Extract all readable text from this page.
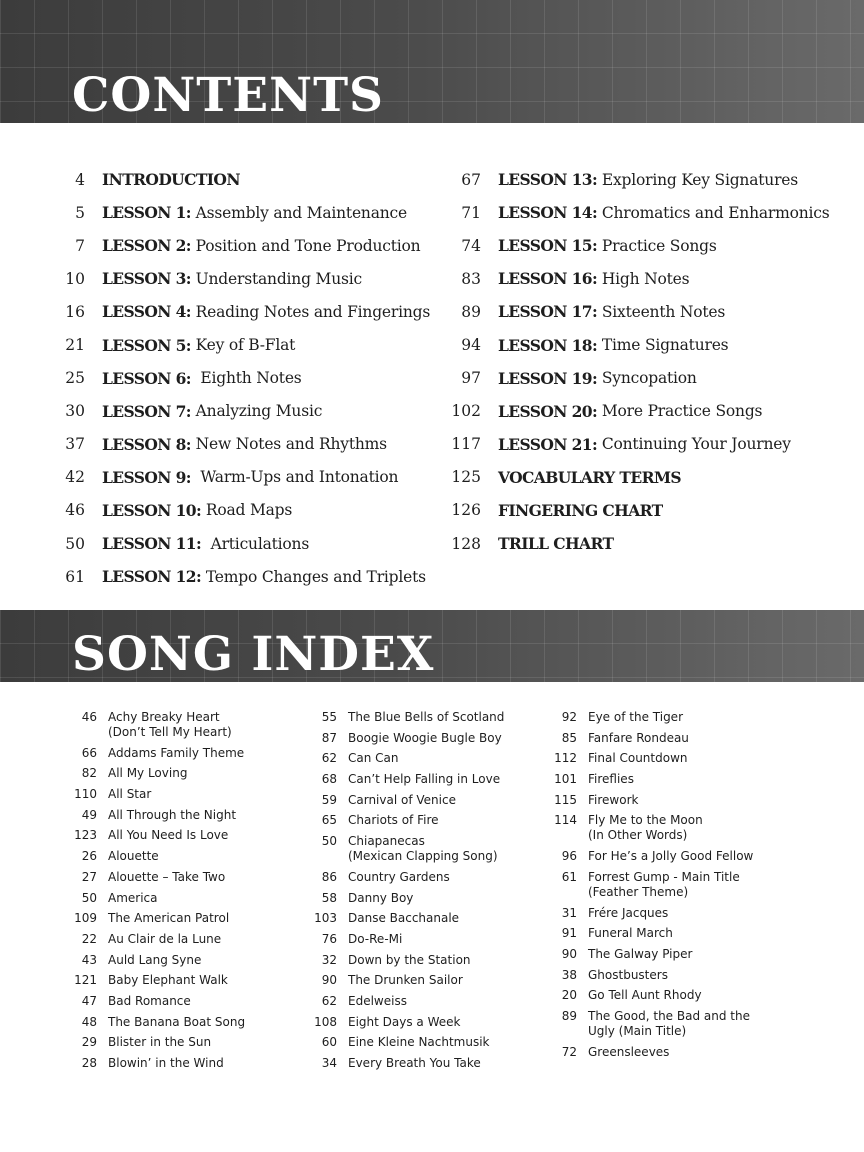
CONTENTS
4 INTRODUCTION
5 LESSON 1: Assembly and Maintenance
7 LESSON 2: Position and Tone Production
10 LESSON 3: Understanding Music
16 LESSON 4: Reading Notes and Fingerings
21 LESSON 5: Key of B-Flat
25 LESSON 6: Eighth Notes
30 LESSON 7: Analyzing Music
37 LESSON 8: New Notes and Rhythms
42 LESSON 9: Warm-Ups and Intonation
46 LESSON 10: Road Maps
50 LESSON 11: Articulations
61 LESSON 12: Tempo Changes and Triplets
67 LESSON 13: Exploring Key Signatures
71 LESSON 14: Chromatics and Enharmonics
74 LESSON 15: Practice Songs
83 LESSON 16: High Notes
89 LESSON 17: Sixteenth Notes
94 LESSON 18: Time Signatures
97 LESSON 19: Syncopation
102 LESSON 20: More Practice Songs
117 LESSON 21: Continuing Your Journey
125 VOCABULARY TERMS
126 FINGERING CHART
128 TRILL CHART
SONG INDEX
46 Achy Breaky Heart
(Don’t Tell My Heart)
66 Addams Family Theme
82 All My Loving
110 All Star
49 All Through the Night
123 All You Need Is Love
26 Alouette
27 Alouette – Take Two
50 America
109 The American Patrol
22 Au Clair de la Lune
43 Auld Lang Syne
121 Baby Elephant Walk
47 Bad Romance
48 The Banana Boat Song
29 Blister in the Sun
28 Blowin’ in the Wind
55 The Blue Bells of Scotland
87 Boogie Woogie Bugle Boy
62 Can Can
68 Can’t Help Falling in Love
59 Carnival of Venice
65 Chariots of Fire
50 Chiapanecas
(Mexican Clapping Song)
86 Country Gardens
58 Danny Boy
103 Danse Bacchanale
76 Do-Re-Mi
32 Down by the Station
90 The Drunken Sailor
62 Edelweiss
108 Eight Days a Week
60 Eine Kleine Nachtmusik
34 Every Breath You Take
92 Eye of the Tiger
85 Fanfare Rondeau
112 Final Countdown
101 Fireflies
115 Firework
114 Fly Me to the Moon
(In Other Words)
96 For He’s a Jolly Good Fellow
61 Forrest Gump - Main Title
(Feather Theme)
31 Frére Jacques
91 Funeral March
90 The Galway Piper
38 Ghostbusters
20 Go Tell Aunt Rhody
89 The Good, the Bad and the
Ugly (Main Title)
72 Greensleeves
